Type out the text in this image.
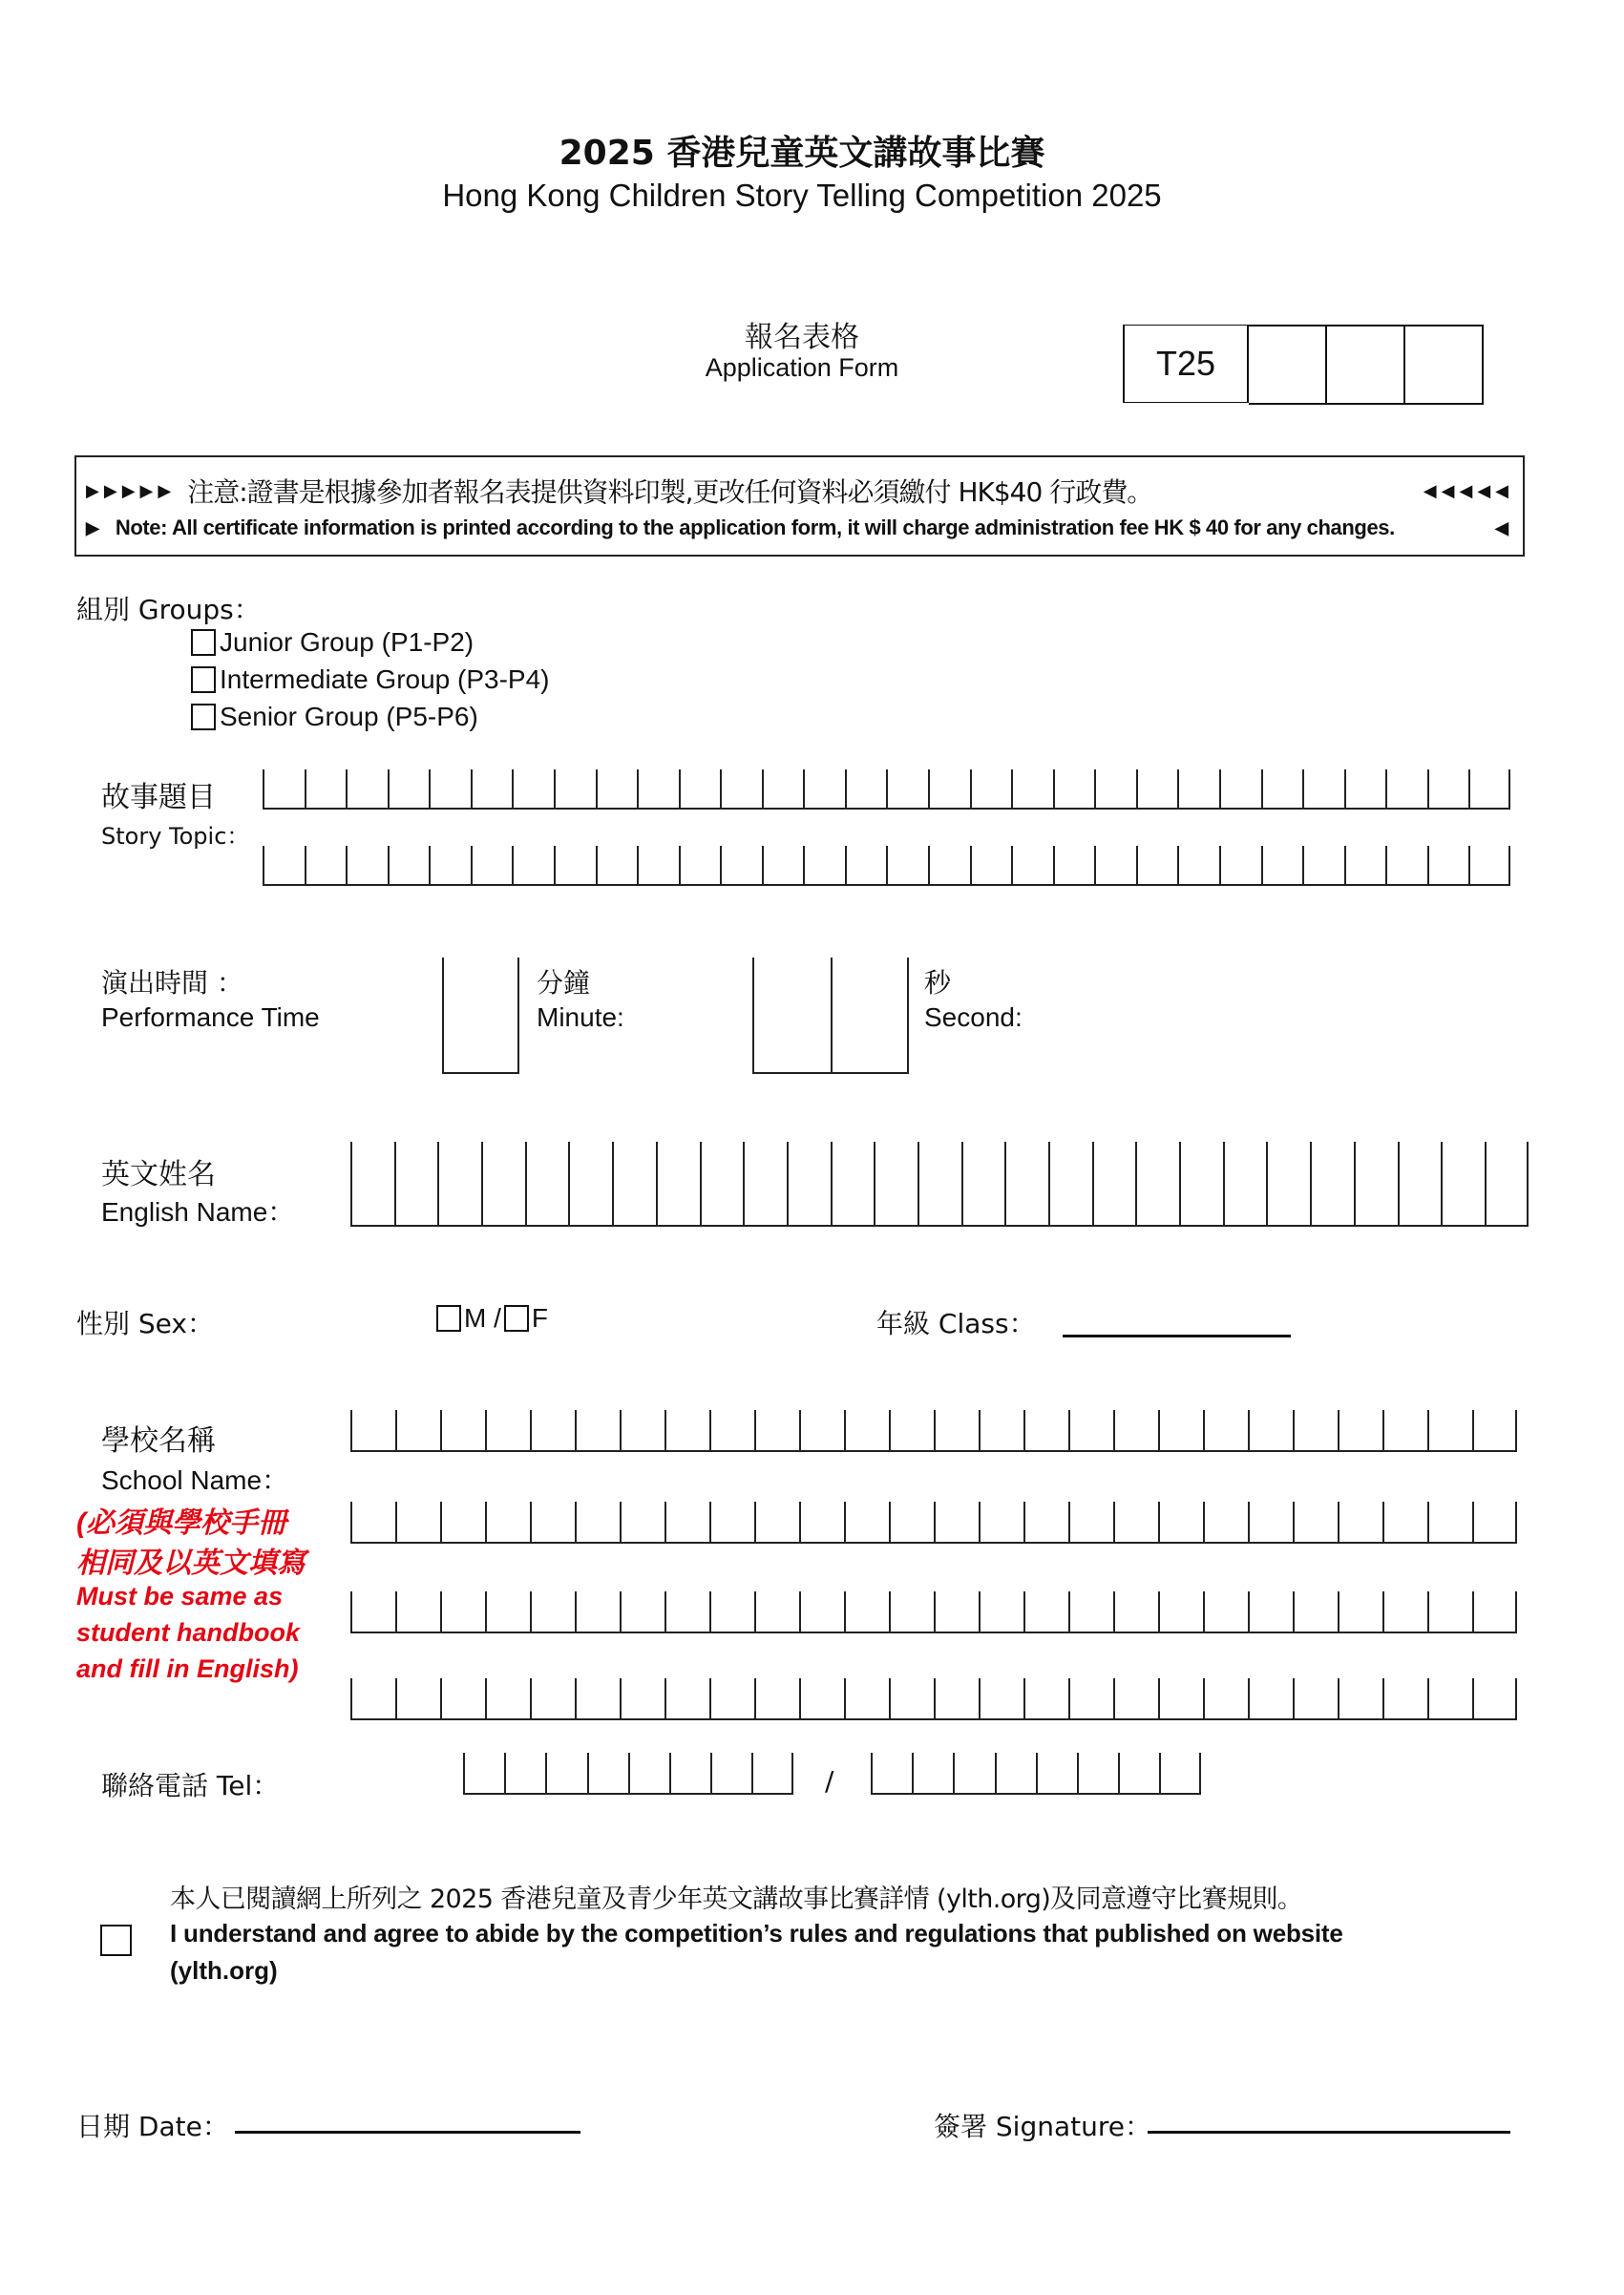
2025 香港兒童英文講故事比賽
Hong Kong Children Story Telling Competition 2025
報名表格
Application Form	T25
▶▶▶▶▶ 注意:證書是根據參加者報名表提供資料印製,更改任何資料必須繳付 HK$40 行政費。	◀◀◀◀◀
▶ Note: All certificate information is printed according to the application form, it will charge administration fee HK $ 40 for any changes.	◀
組別 Groups：
Junior Group (P1-P2)
Intermediate Group (P3-P4)
Senior Group (P5-P6)
故事題目
Story Topic：
演出時間 ：
Performance Time
分鐘
Minute:
秒
Second:
英文姓名
English Name：
性別 Sex：	M / F	年級 Class：
學校名稱
School Name：
(必須與學校手冊
相同及以英文填寫
Must be same as
student handbook
and fill in English)
聯絡電話 Tel：	/
本人已閱讀網上所列之 2025 香港兒童及青少年英文講故事比賽詳情 (ylth.org)及同意遵守比賽規則。
I understand and agree to abide by the competition’s rules and regulations that published on website
(ylth.org)
日期 Date：	簽署 Signature：
